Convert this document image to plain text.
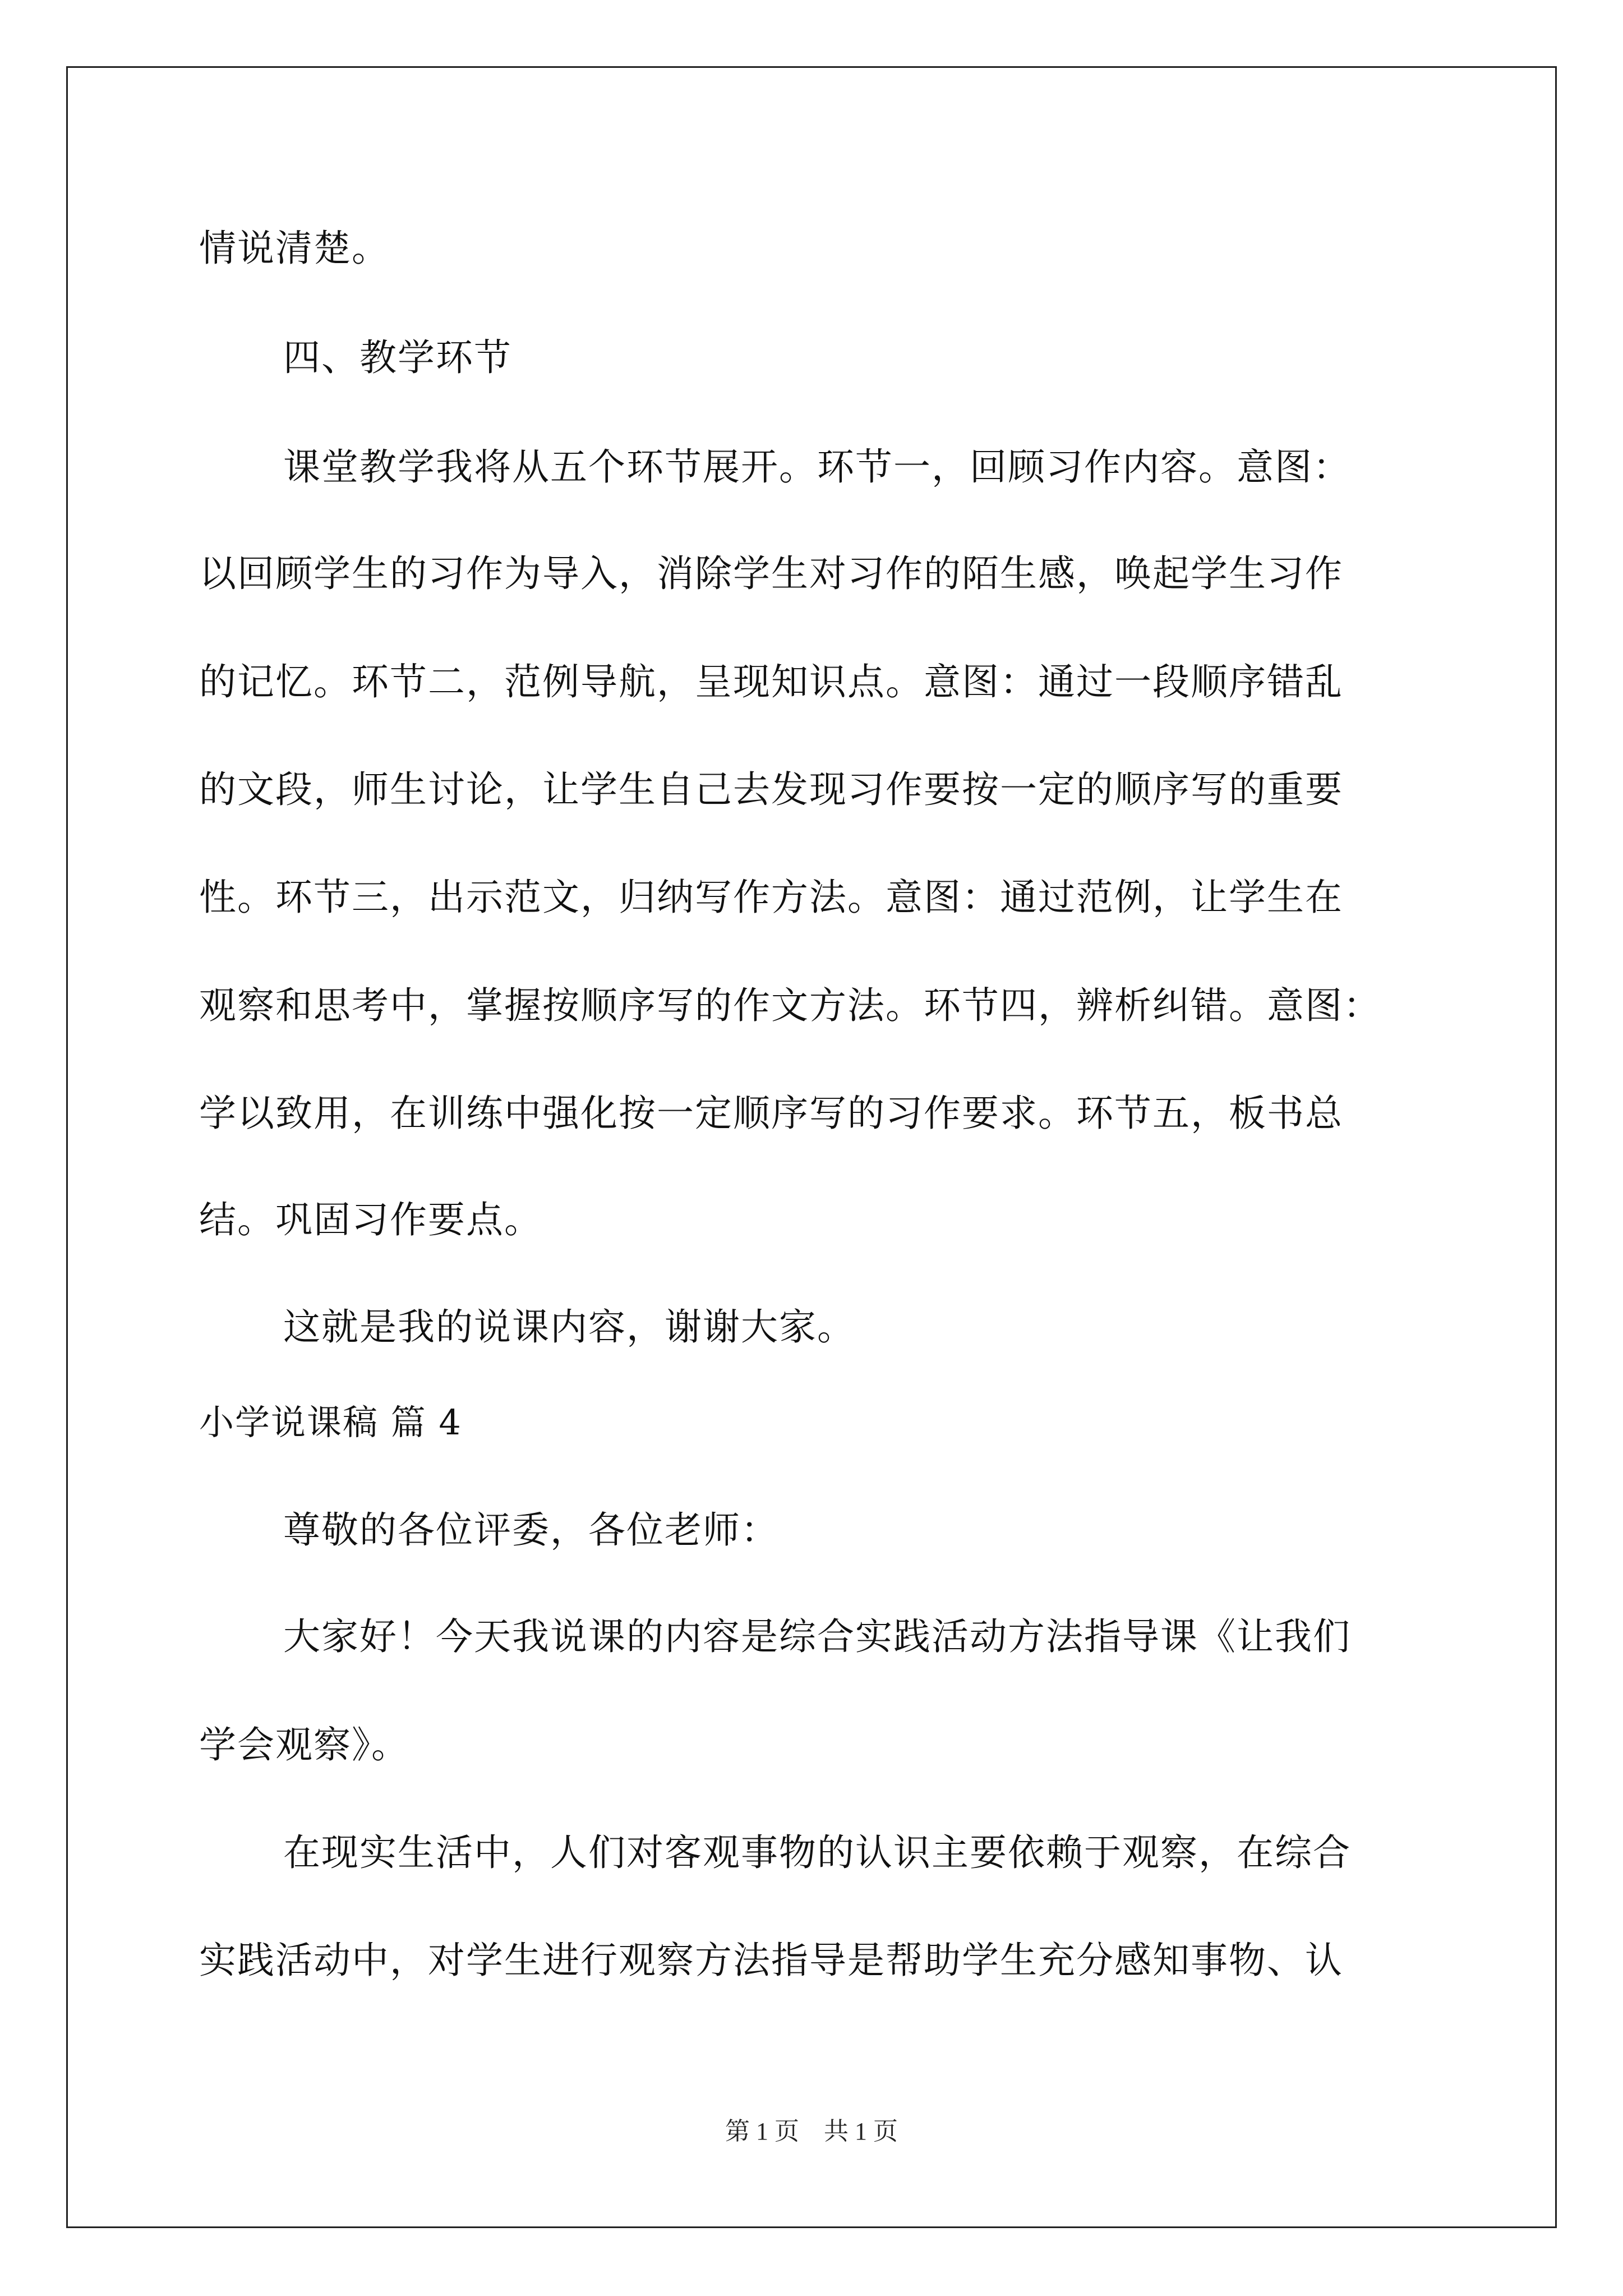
情说清楚。
四、教学环节
课堂教学我将从五个环节展开。环节一，回顾习作内容。意图：
以回顾学生的习作为导入，消除学生对习作的陌生感，唤起学生习作
的记忆。环节二，范例导航，呈现知识点。意图：通过一段顺序错乱
的文段，师生讨论，让学生自己去发现习作要按一定的顺序写的重要
性。环节三，出示范文，归纳写作方法。意图：通过范例，让学生在
观察和思考中，掌握按顺序写的作文方法。环节四，辨析纠错。意图：
学以致用，在训练中强化按一定顺序写的习作要求。环节五，板书总
结。巩固习作要点。
这就是我的说课内容，谢谢大家。
小学说课稿 篇 4
尊敬的各位评委，各位老师：
大家好！今天我说课的内容是综合实践活动方法指导课《让我们
学会观察》。
在现实生活中，人们对客观事物的认识主要依赖于观察，在综合
实践活动中，对学生进行观察方法指导是帮助学生充分感知事物、认
第 1 页　共 1 页
